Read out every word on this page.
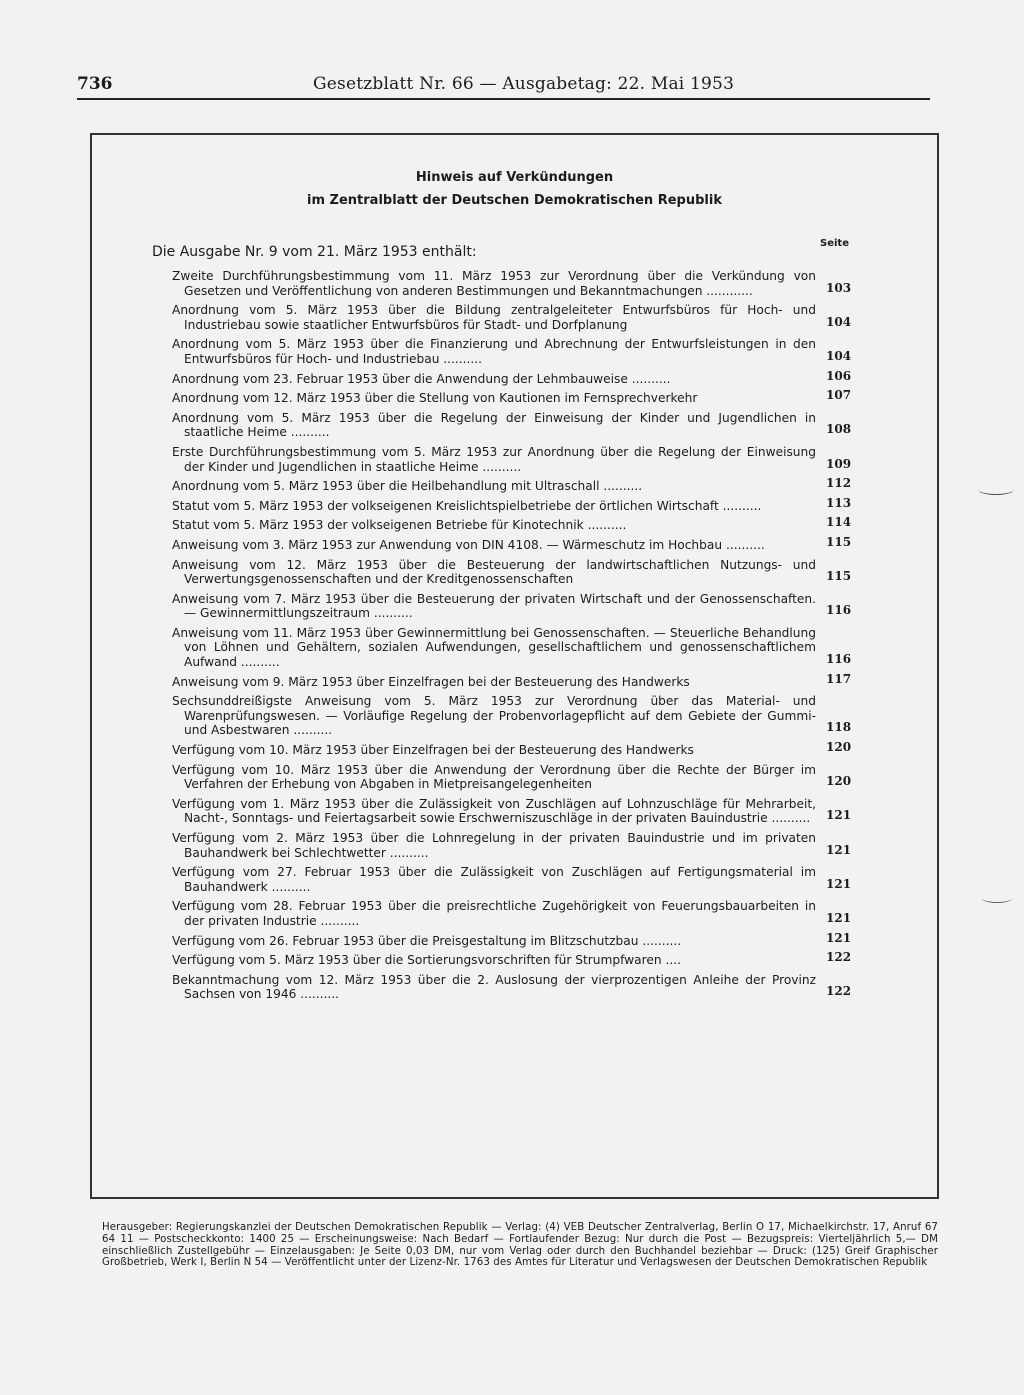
736	Gesetzblatt Nr. 66 — Ausgabetag: 22. Mai 1953
Hinweis auf Verkündungen
im Zentralblatt der Deutschen Demokratischen Republik
Die Ausgabe Nr. 9 vom 21. März 1953 enthält:
Seite
Zweite Durchführungsbestimmung vom 11. März 1953 zur Verordnung über die Verkündung von Gesetzen und Veröffentlichung von anderen Bestimmungen und Bekanntmachungen ............	103
Anordnung vom 5. März 1953 über die Bildung zentralgeleiteter Entwurfsbüros für Hoch- und Industriebau sowie staatlicher Entwurfsbüros für Stadt- und Dorfplanung	104
Anordnung vom 5. März 1953 über die Finanzierung und Abrechnung der Entwurfsleistungen in den Entwurfsbüros für Hoch- und Industriebau ..........	104
Anordnung vom 23. Februar 1953 über die Anwendung der Lehmbauweise ..........	106
Anordnung vom 12. März 1953 über die Stellung von Kautionen im Fernsprechverkehr	107
Anordnung vom 5. März 1953 über die Regelung der Einweisung der Kinder und Jugendlichen in staatliche Heime ..........	108
Erste Durchführungsbestimmung vom 5. März 1953 zur Anordnung über die Regelung der Einweisung der Kinder und Jugendlichen in staatliche Heime ..........	109
Anordnung vom 5. März 1953 über die Heilbehandlung mit Ultraschall ..........	112
Statut vom 5. März 1953 der volkseigenen Kreislichtspielbetriebe der örtlichen Wirtschaft ..........	113
Statut vom 5. März 1953 der volkseigenen Betriebe für Kinotechnik ..........	114
Anweisung vom 3. März 1953 zur Anwendung von DIN 4108. — Wärmeschutz im Hochbau ..........	115
Anweisung vom 12. März 1953 über die Besteuerung der landwirtschaftlichen Nutzungs- und Verwertungsgenossenschaften und der Kreditgenossenschaften	115
Anweisung vom 7. März 1953 über die Besteuerung der privaten Wirtschaft und der Genossenschaften. — Gewinnermittlungszeitraum ..........	116
Anweisung vom 11. März 1953 über Gewinnermittlung bei Genossenschaften. — Steuerliche Behandlung von Löhnen und Gehältern, sozialen Aufwendungen, gesellschaftlichem und genossenschaftlichem Aufwand ..........	116
Anweisung vom 9. März 1953 über Einzelfragen bei der Besteuerung des Handwerks	117
Sechsunddreißigste Anweisung vom 5. März 1953 zur Verordnung über das Material- und Warenprüfungswesen. — Vorläufige Regelung der Probenvorlagepflicht auf dem Gebiete der Gummi- und Asbestwaren ..........	118
Verfügung vom 10. März 1953 über Einzelfragen bei der Besteuerung des Handwerks	120
Verfügung vom 10. März 1953 über die Anwendung der Verordnung über die Rechte der Bürger im Verfahren der Erhebung von Abgaben in Mietpreisangelegenheiten	120
Verfügung vom 1. März 1953 über die Zulässigkeit von Zuschlägen auf Lohnzuschläge für Mehrarbeit, Nacht-, Sonntags- und Feiertagsarbeit sowie Erschwerniszuschläge in der privaten Bauindustrie ..........	121
Verfügung vom 2. März 1953 über die Lohnregelung in der privaten Bauindustrie und im privaten Bauhandwerk bei Schlechtwetter ..........	121
Verfügung vom 27. Februar 1953 über die Zulässigkeit von Zuschlägen auf Fertigungsmaterial im Bauhandwerk ..........	121
Verfügung vom 28. Februar 1953 über die preisrechtliche Zugehörigkeit von Feuerungsbauarbeiten in der privaten Industrie ..........	121
Verfügung vom 26. Februar 1953 über die Preisgestaltung im Blitzschutzbau ..........	121
Verfügung vom 5. März 1953 über die Sortierungsvorschriften für Strumpfwaren ....	122
Bekanntmachung vom 12. März 1953 über die 2. Auslosung der vierprozentigen Anleihe der Provinz Sachsen von 1946 ..........	122
Herausgeber: Regierungskanzlei der Deutschen Demokratischen Republik — Verlag: (4) VEB Deutscher Zentralverlag, Berlin O 17, Michaelkirchstr. 17, Anruf 67 64 11 — Postscheckkonto: 1400 25 — Erscheinungsweise: Nach Bedarf — Fortlaufender Bezug: Nur durch die Post — Bezugspreis: Vierteljährlich 5,— DM einschließlich Zustellgebühr — Einzelausgaben: Je Seite 0,03 DM, nur vom Verlag oder durch den Buchhandel beziehbar — Druck: (125) Greif Graphischer Großbetrieb, Werk I, Berlin N 54 — Veröffentlicht unter der Lizenz-Nr. 1763 des Amtes für Literatur und Verlagswesen der Deutschen Demokratischen Republik
